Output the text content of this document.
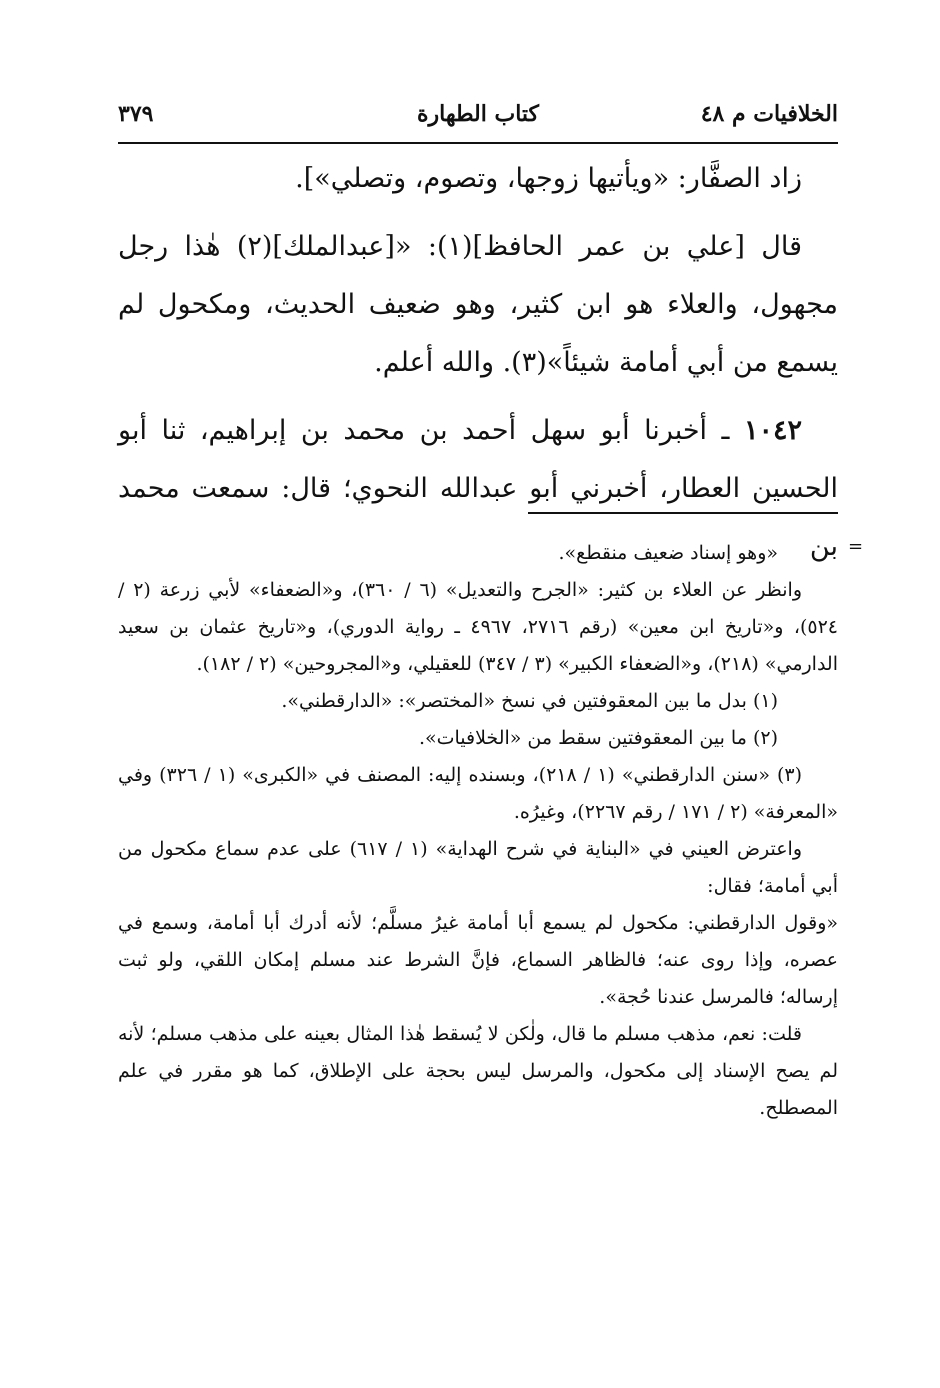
الخلافيات م ٤٨
كتاب الطهارة
٣٧٩

زاد الصفَّار: «ويأتيها زوجها، وتصوم، وتصلي»].

قال [علي بن عمر الحافظ](١): «[عبدالملك](٢) هٰذا رجل مجهول، والعلاء هو ابن كثير، وهو ضعيف الحديث، ومكحول لم يسمع من أبي أمامة شيئاً»(٣). والله أعلم.

١٠٤٢ ـ أخبرنا أبو سهل أحمد بن محمد بن إبراهيم، ثنا أبو الحسين العطار، أخبرني أبو عبدالله النحوي؛ قال: سمعت محمد بن =

«وهو إسناد ضعيف منقطع».

وانظر عن العلاء بن كثير: «الجرح والتعديل» (٦ / ٣٦٠)، و«الضعفاء» لأبي زرعة (٢ / ٥٢٤)، و«تاريخ ابن معين» (رقم ٢٧١٦، ٤٩٦٧ ـ رواية الدوري)، و«تاريخ عثمان بن سعيد الدارمي» (٢١٨)، و«الضعفاء الكبير» (٣ / ٣٤٧) للعقيلي، و«المجروحين» (٢ / ١٨٢).

(١) بدل ما بين المعقوفتين في نسخ «المختصر»: «الدارقطني».

(٢) ما بين المعقوفتين سقط من «الخلافيات».

(٣) «سنن الدارقطني» (١ / ٢١٨)، وبسنده إليه: المصنف في «الكبرى» (١ / ٣٢٦) وفي «المعرفة» (٢ / ١٧١ / رقم ٢٢٦٧)، وغيرُه.

واعترض العيني في «البناية في شرح الهداية» (١ / ٦١٧) على عدم سماع مكحول من أبي أمامة؛ فقال:

«وقول الدارقطني: مكحول لم يسمع أبا أمامة غيرُ مسلَّم؛ لأنه أدرك أبا أمامة، وسمع في عصره، وإذا روى عنه؛ فالظاهر السماع، فإنَّ الشرط عند مسلم إمكان اللقي، ولو ثبت إرساله؛ فالمرسل عندنا حُجة».

قلت: نعم، مذهب مسلم ما قال، ولٰكن لا يُسقط هٰذا المثال بعينه على مذهب مسلم؛ لأنه لم يصح الإسناد إلى مكحول، والمرسل ليس بحجة على الإطلاق، كما هو مقرر في علم المصطلح.
